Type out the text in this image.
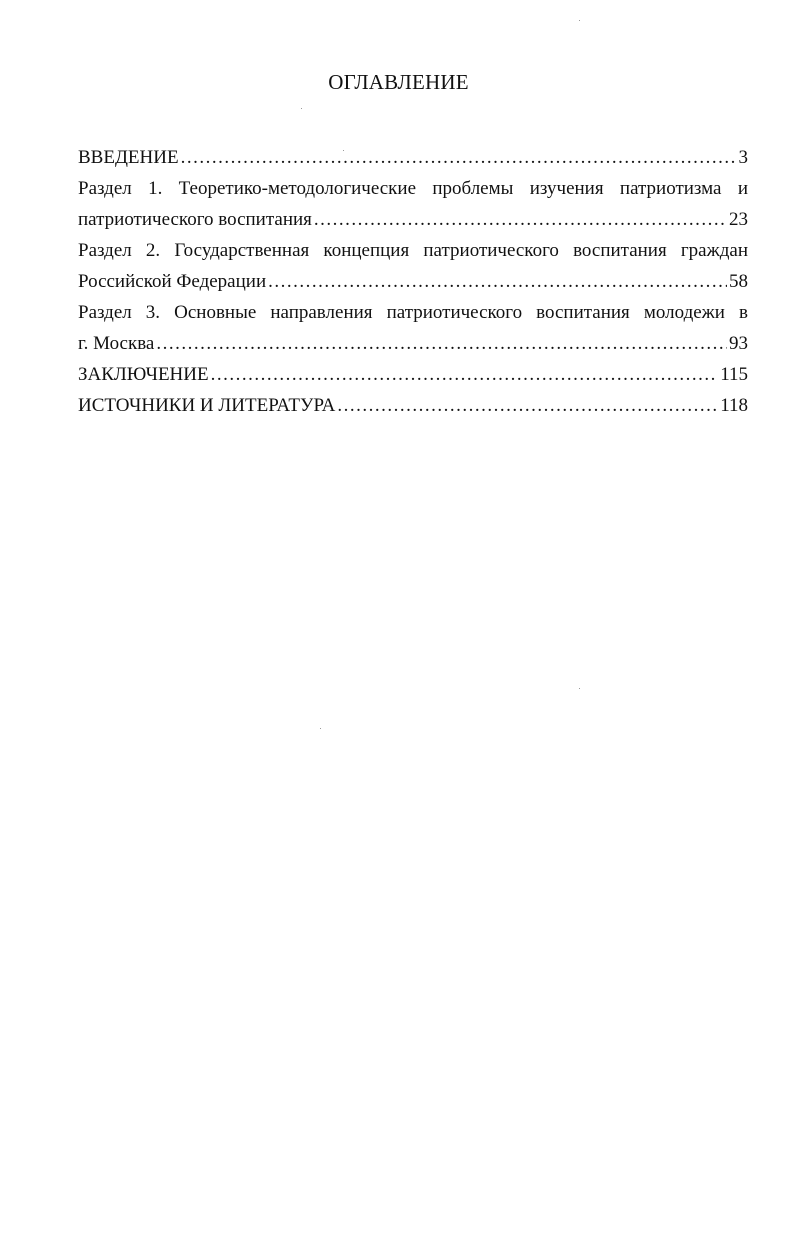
ОГЛАВЛЕНИЕ
ВВЕДЕНИЕ .....	3
Раздел 1. Теоретико-методологические проблемы изучения патриотизма и
патриотического воспитания .....	23
Раздел 2. Государственная концепция патриотического воспитания граждан
Российской Федерации .....	58
Раздел 3. Основные направления патриотического воспитания молодежи в
г. Москва .....	93
ЗАКЛЮЧЕНИЕ .....	115
ИСТОЧНИКИ И ЛИТЕРАТУРА .....	118
